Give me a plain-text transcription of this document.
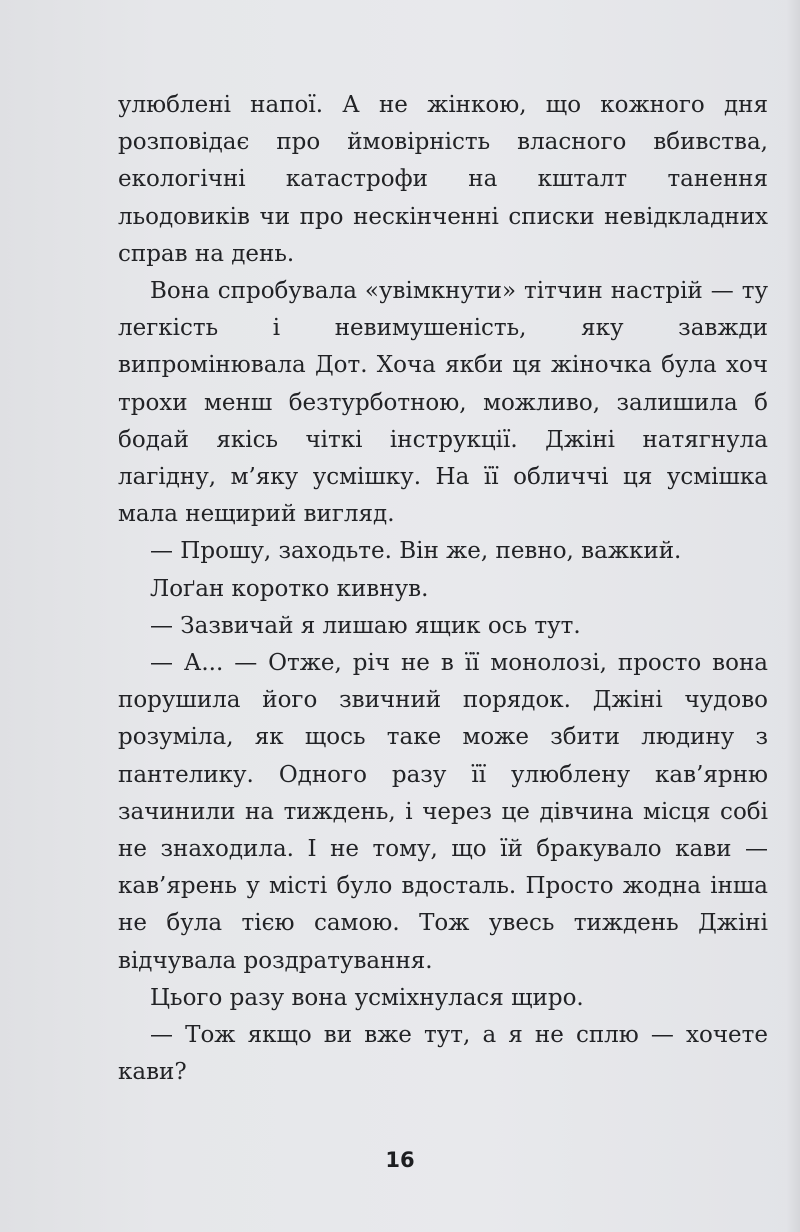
улюблені напої. А не жінкою, що кожного дня розповідає про ймовірність власного вбивства, екологічні катастрофи на кшталт танення льодовиків чи про нескінченні списки невідкладних справ на день.

Вона спробувала «увімкнути» тітчин настрій — ту легкість і невимушеність, яку завжди випромінювала Дот. Хоча якби ця жіночка була хоч трохи менш безтурботною, можливо, залишила б бодай якісь чіткі інструкції. Джіні натягнула лагідну, м’яку усмішку. На її обличчі ця усмішка мала нещирий вигляд.

— Прошу, заходьте. Він же, певно, важкий.

Лоґан коротко кивнув.

— Зазвичай я лишаю ящик ось тут.

— А... — Отже, річ не в її монолозі, просто вона порушила його звичний порядок. Джіні чудово розуміла, як щось таке може збити людину з пантелику. Одного разу її улюблену кав’ярню зачинили на тиждень, і через це дівчина місця собі не знаходила. І не тому, що їй бракувало кави — кав’ярень у місті було вдосталь. Просто жодна інша не була тією самою. Тож увесь тиждень Джіні відчувала роздратування.

Цього разу вона усміхнулася щиро.

— Тож якщо ви вже тут, а я не сплю — хочете кави?

16
